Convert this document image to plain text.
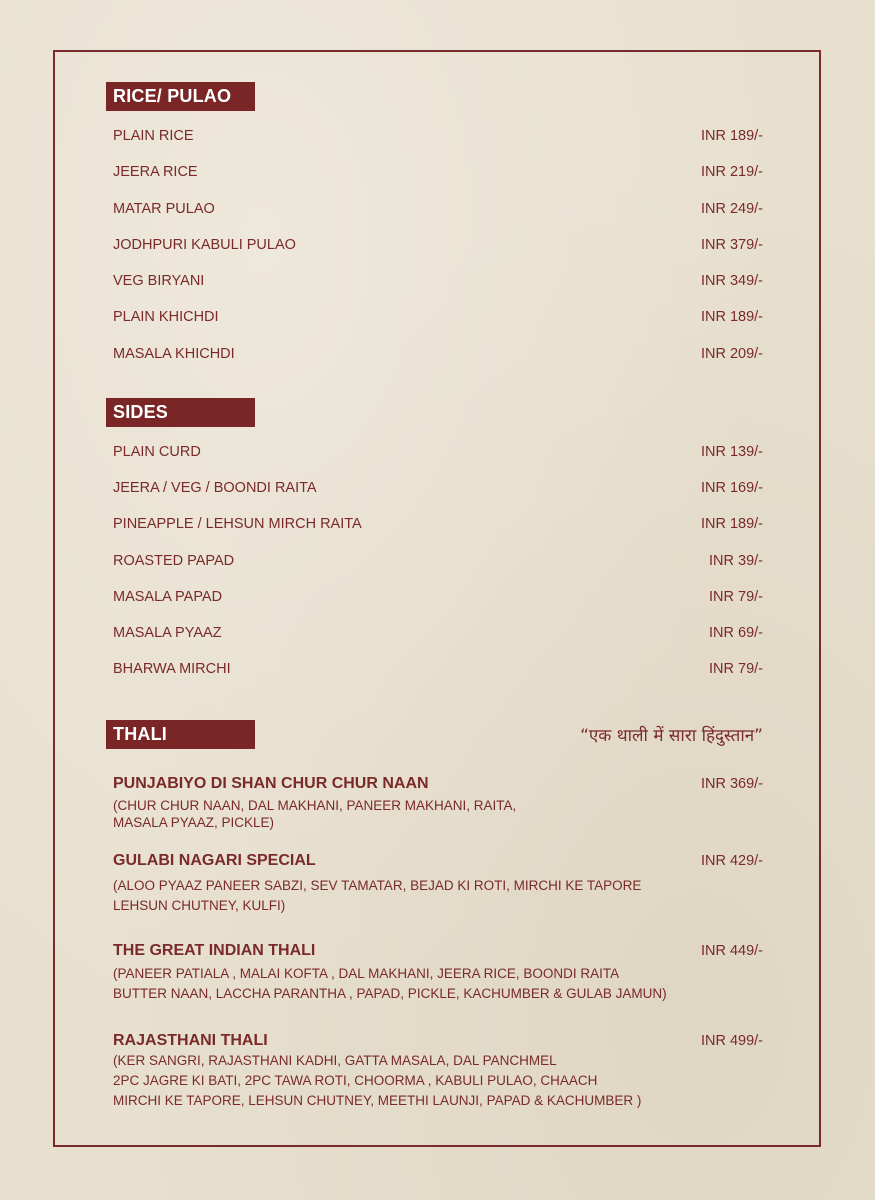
RICE/ PULAO
PLAIN RICE	INR 189/-
JEERA RICE	INR 219/-
MATAR PULAO	INR 249/-
JODHPURI KABULI PULAO	INR 379/-
VEG BIRYANI	INR 349/-
PLAIN KHICHDI	INR 189/-
MASALA KHICHDI	INR 209/-
SIDES
PLAIN CURD	INR 139/-
JEERA / VEG / BOONDI RAITA	INR 169/-
PINEAPPLE / LEHSUN MIRCH RAITA	INR 189/-
ROASTED PAPAD	INR 39/-
MASALA PAPAD	INR 79/-
MASALA PYAAZ	INR 69/-
BHARWA MIRCHI	INR 79/-
THALI	“एक थाली में सारा हिंदुस्तान”
PUNJABIYO DI SHAN CHUR CHUR NAAN	INR 369/-
(CHUR CHUR NAAN, DAL MAKHANI, PANEER MAKHANI, RAITA,
MASALA PYAAZ, PICKLE)
GULABI NAGARI SPECIAL	INR 429/-
(ALOO PYAAZ PANEER SABZI, SEV TAMATAR, BEJAD KI ROTI, MIRCHI KE TAPORE
LEHSUN CHUTNEY, KULFI)
THE GREAT INDIAN THALI	INR 449/-
(PANEER PATIALA , MALAI KOFTA , DAL MAKHANI, JEERA RICE, BOONDI RAITA
BUTTER NAAN, LACCHA PARANTHA , PAPAD, PICKLE, KACHUMBER & GULAB JAMUN)
RAJASTHANI THALI	INR 499/-
(KER SANGRI, RAJASTHANI KADHI, GATTA MASALA, DAL PANCHMEL
2PC JAGRE KI BATI, 2PC TAWA ROTI, CHOORMA , KABULI PULAO, CHAACH
MIRCHI KE TAPORE, LEHSUN CHUTNEY, MEETHI LAUNJI, PAPAD & KACHUMBER )
